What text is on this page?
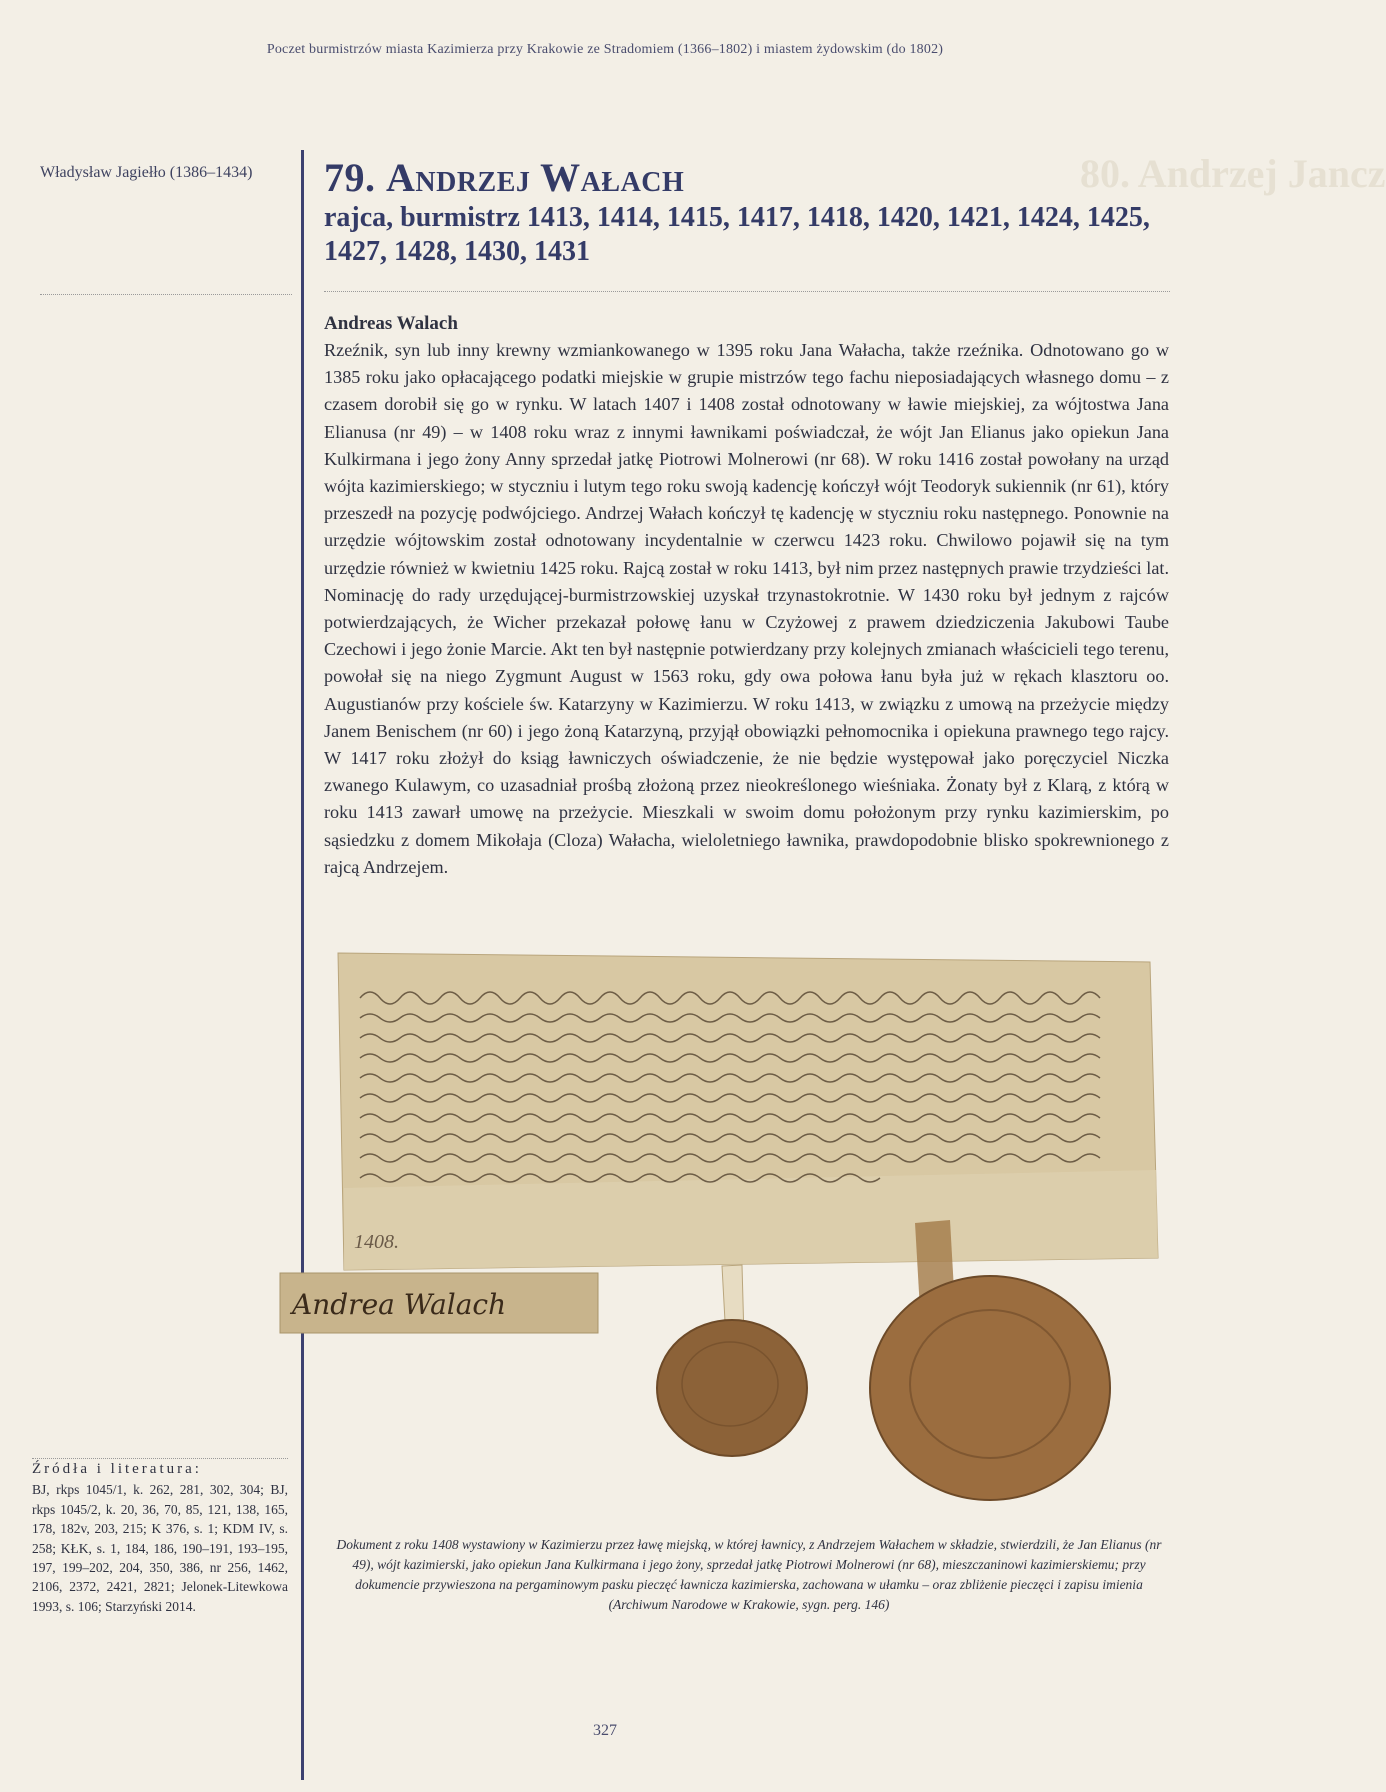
80. Andrzej Jancz
Poczet burmistrzów miasta Kazimierza przy Krakowie ze Stradomiem (1366–1802) i miastem żydowskim (do 1802)
Władysław Jagiełło (1386–1434)	79. Andrzej Wałach
rajca, burmistrz 1413, 1414, 1415, 1417, 1418, 1420, 1421, 1424, 1425, 1427, 1428, 1430, 1431
Andreas Walach

Rzeźnik, syn lub inny krewny wzmiankowanego w 1395 roku Jana Wałacha, także rzeźnika. Odnotowano go w 1385 roku jako opłacającego podatki miejskie w grupie mistrzów tego fachu nieposiadających własnego domu – z czasem dorobił się go w rynku. W latach 1407 i 1408 został odnotowany w ławie miejskiej, za wójtostwa Jana Elianusa (nr 49) – w 1408 roku wraz z innymi ławnikami poświadczał, że wójt Jan Elianus jako opiekun Jana Kulkirmana i jego żony Anny sprzedał jatkę Piotrowi Molnerowi (nr 68). W roku 1416 został powołany na urząd wójta kazimierskiego; w styczniu i lutym tego roku swoją kadencję kończył wójt Teodoryk sukiennik (nr 61), który przeszedł na pozycję podwójciego. Andrzej Wałach kończył tę kadencję w styczniu roku następnego. Ponownie na urzędzie wójtowskim został odnotowany incydentalnie w czerwcu 1423 roku. Chwilowo pojawił się na tym urzędzie również w kwietniu 1425 roku. Rajcą został w roku 1413, był nim przez następnych prawie trzydzieści lat. Nominację do rady urzędującej-burmistrzowskiej uzyskał trzynastokrotnie. W 1430 roku był jednym z rajców potwierdzających, że Wicher przekazał połowę łanu w Czyżowej z prawem dziedziczenia Jakubowi Taube Czechowi i jego żonie Marcie. Akt ten był następnie potwierdzany przy kolejnych zmianach właścicieli tego terenu, powołał się na niego Zygmunt August w 1563 roku, gdy owa połowa łanu była już w rękach klasztoru oo. Augustianów przy kościele św. Katarzyny w Kazimierzu. W roku 1413, w związku z umową na przeżycie między Janem Benischem (nr 60) i jego żoną Katarzyną, przyjął obowiązki pełnomocnika i opiekuna prawnego tego rajcy. W 1417 roku złożył do ksiąg ławniczych oświadczenie, że nie będzie występował jako poręczyciel Niczka zwanego Kulawym, co uzasadniał prośbą złożoną przez nieokreślonego wieśniaka. Żonaty był z Klarą, z którą w roku 1413 zawarł umowę na przeżycie. Mieszkali w swoim domu położonym przy rynku kazimierskim, po sąsiedzku z domem Mikołaja (Cloza) Wałacha, wieloletniego ławnika, prawdopodobnie blisko spokrewnionego z rajcą Andrzejem.

1408.
Andrea Walach
Dokument z roku 1408 wystawiony w Kazimierzu przez ławę miejską, w której ławnicy, z Andrzejem Wałachem w składzie, stwierdzili, że Jan Elianus (nr 49), wójt kazimierski, jako opiekun Jana Kulkirmana i jego żony, sprzedał jatkę Piotrowi Molnerowi (nr 68), mieszczaninowi kazimierskiemu; przy dokumencie przywieszona na pergaminowym pasku pieczęć ławnicza kazimierska, zachowana w ułamku – oraz zbliżenie pieczęci i zapisu imienia (Archiwum Narodowe w Krakowie, sygn. perg. 146)
Źródła i literatura:
BJ, rkps 1045/1, k. 262, 281, 302, 304; BJ, rkps 1045/2, k. 20, 36, 70, 85, 121, 138, 165, 178, 182v, 203, 215; K 376, s. 1; KDM IV, s. 258; KŁK, s. 1, 184, 186, 190–191, 193–195, 197, 199–202, 204, 350, 386, nr 256, 1462, 2106, 2372, 2421, 2821; Jelonek-Litewkowa 1993, s. 106; Starzyński 2014.
327
